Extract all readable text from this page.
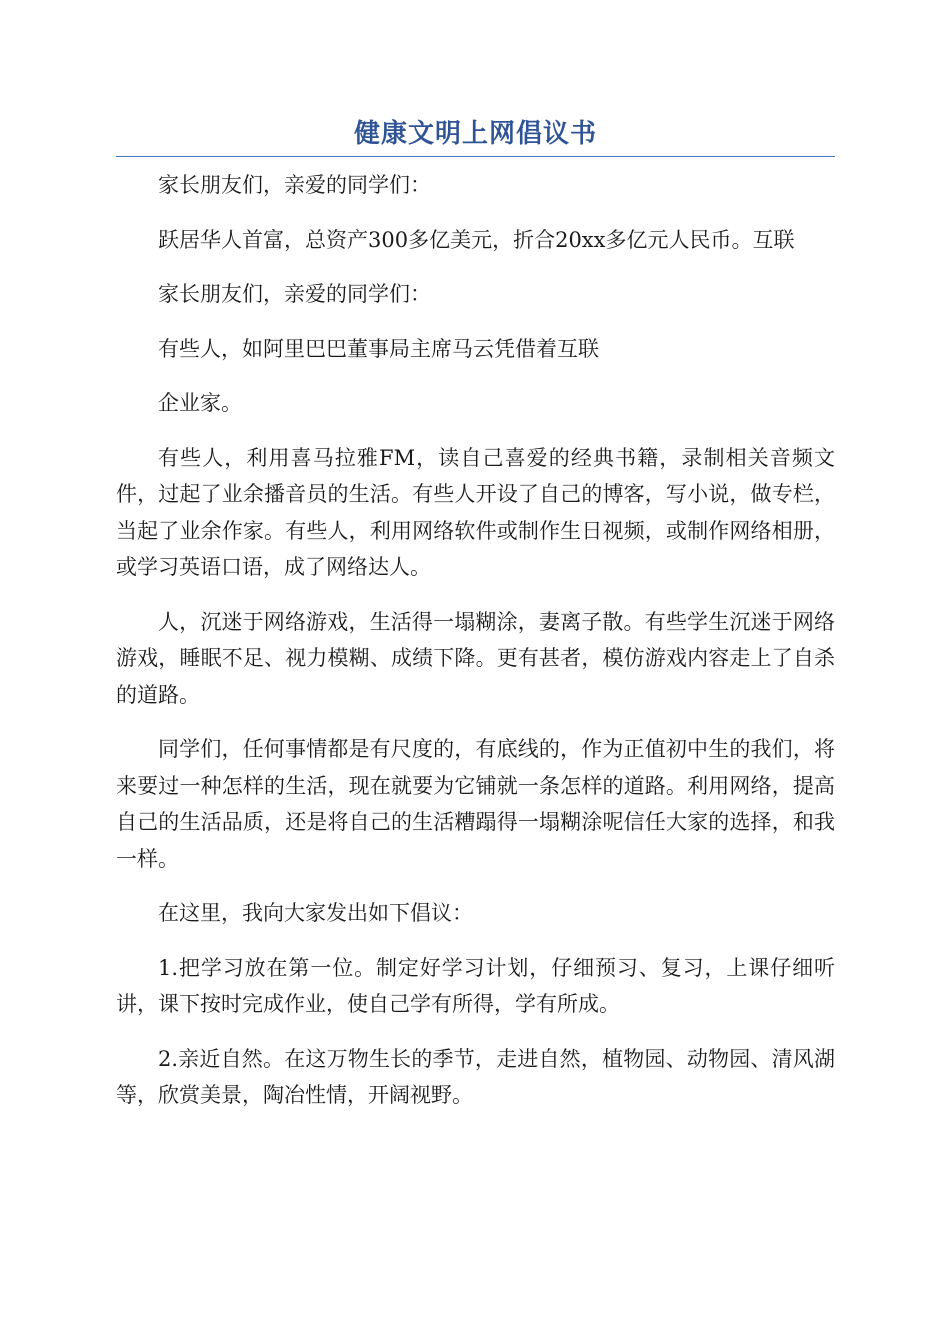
健康文明上网倡议书

家长朋友们，亲爱的同学们：

跃居华人首富，总资产300多亿美元，折合20xx多亿元人民币。互联

家长朋友们，亲爱的同学们：

有些人，如阿里巴巴董事局主席马云凭借着互联

企业家。

有些人，利用喜马拉雅FM，读自己喜爱的经典书籍，录制相关音频文件，过起了业余播音员的生活。有些人开设了自己的博客，写小说，做专栏，当起了业余作家。有些人，利用网络软件或制作生日视频，或制作网络相册，或学习英语口语，成了网络达人。

人，沉迷于网络游戏，生活得一塌糊涂，妻离子散。有些学生沉迷于网络游戏，睡眠不足、视力模糊、成绩下降。更有甚者，模仿游戏内容走上了自杀的道路。

同学们，任何事情都是有尺度的，有底线的，作为正值初中生的我们，将来要过一种怎样的生活，现在就要为它铺就一条怎样的道路。利用网络，提高自己的生活品质，还是将自己的生活糟蹋得一塌糊涂呢信任大家的选择，和我一样。

在这里，我向大家发出如下倡议：

1.把学习放在第一位。制定好学习计划，仔细预习、复习，上课仔细听讲，课下按时完成作业，使自己学有所得，学有所成。

2.亲近自然。在这万物生长的季节，走进自然，植物园、动物园、清风湖等，欣赏美景，陶冶性情，开阔视野。
